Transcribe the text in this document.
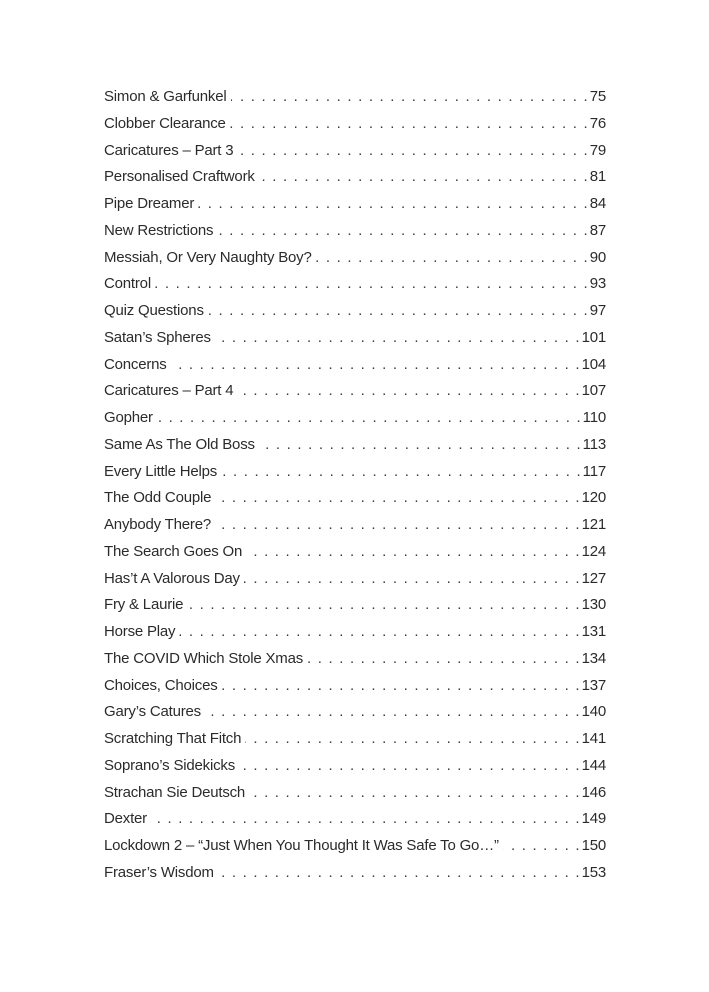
Simon & Garfunkel . . .	75
Clobber Clearance . . .	76
Caricatures – Part 3 . . .	79
Personalised Craftwork . . .	81
Pipe Dreamer . . .	84
New Restrictions . . .	87
Messiah, Or Very Naughty Boy? . . .	90
Control . . .	93
Quiz Questions . . .	97
Satan’s Spheres . . .	101
Concerns . . .	104
Caricatures – Part 4 . . .	107
Gopher . . .	110
Same As The Old Boss . . .	113
Every Little Helps . . .	117
The Odd Couple . . .	120
Anybody There? . . .	121
The Search Goes On . . .	124
Has’t A Valorous Day . . .	127
Fry & Laurie . . .	130
Horse Play . . .	131
The COVID Which Stole Xmas . . .	134
Choices, Choices . . .	137
Gary’s Catures . . .	140
Scratching That Fitch . . .	141
Soprano’s Sidekicks . . .	144
Strachan Sie Deutsch . . .	146
Dexter . . .	149
Lockdown 2 – “Just When You Thought It Was Safe To Go…” . . .	150
Fraser’s Wisdom . . .	153
